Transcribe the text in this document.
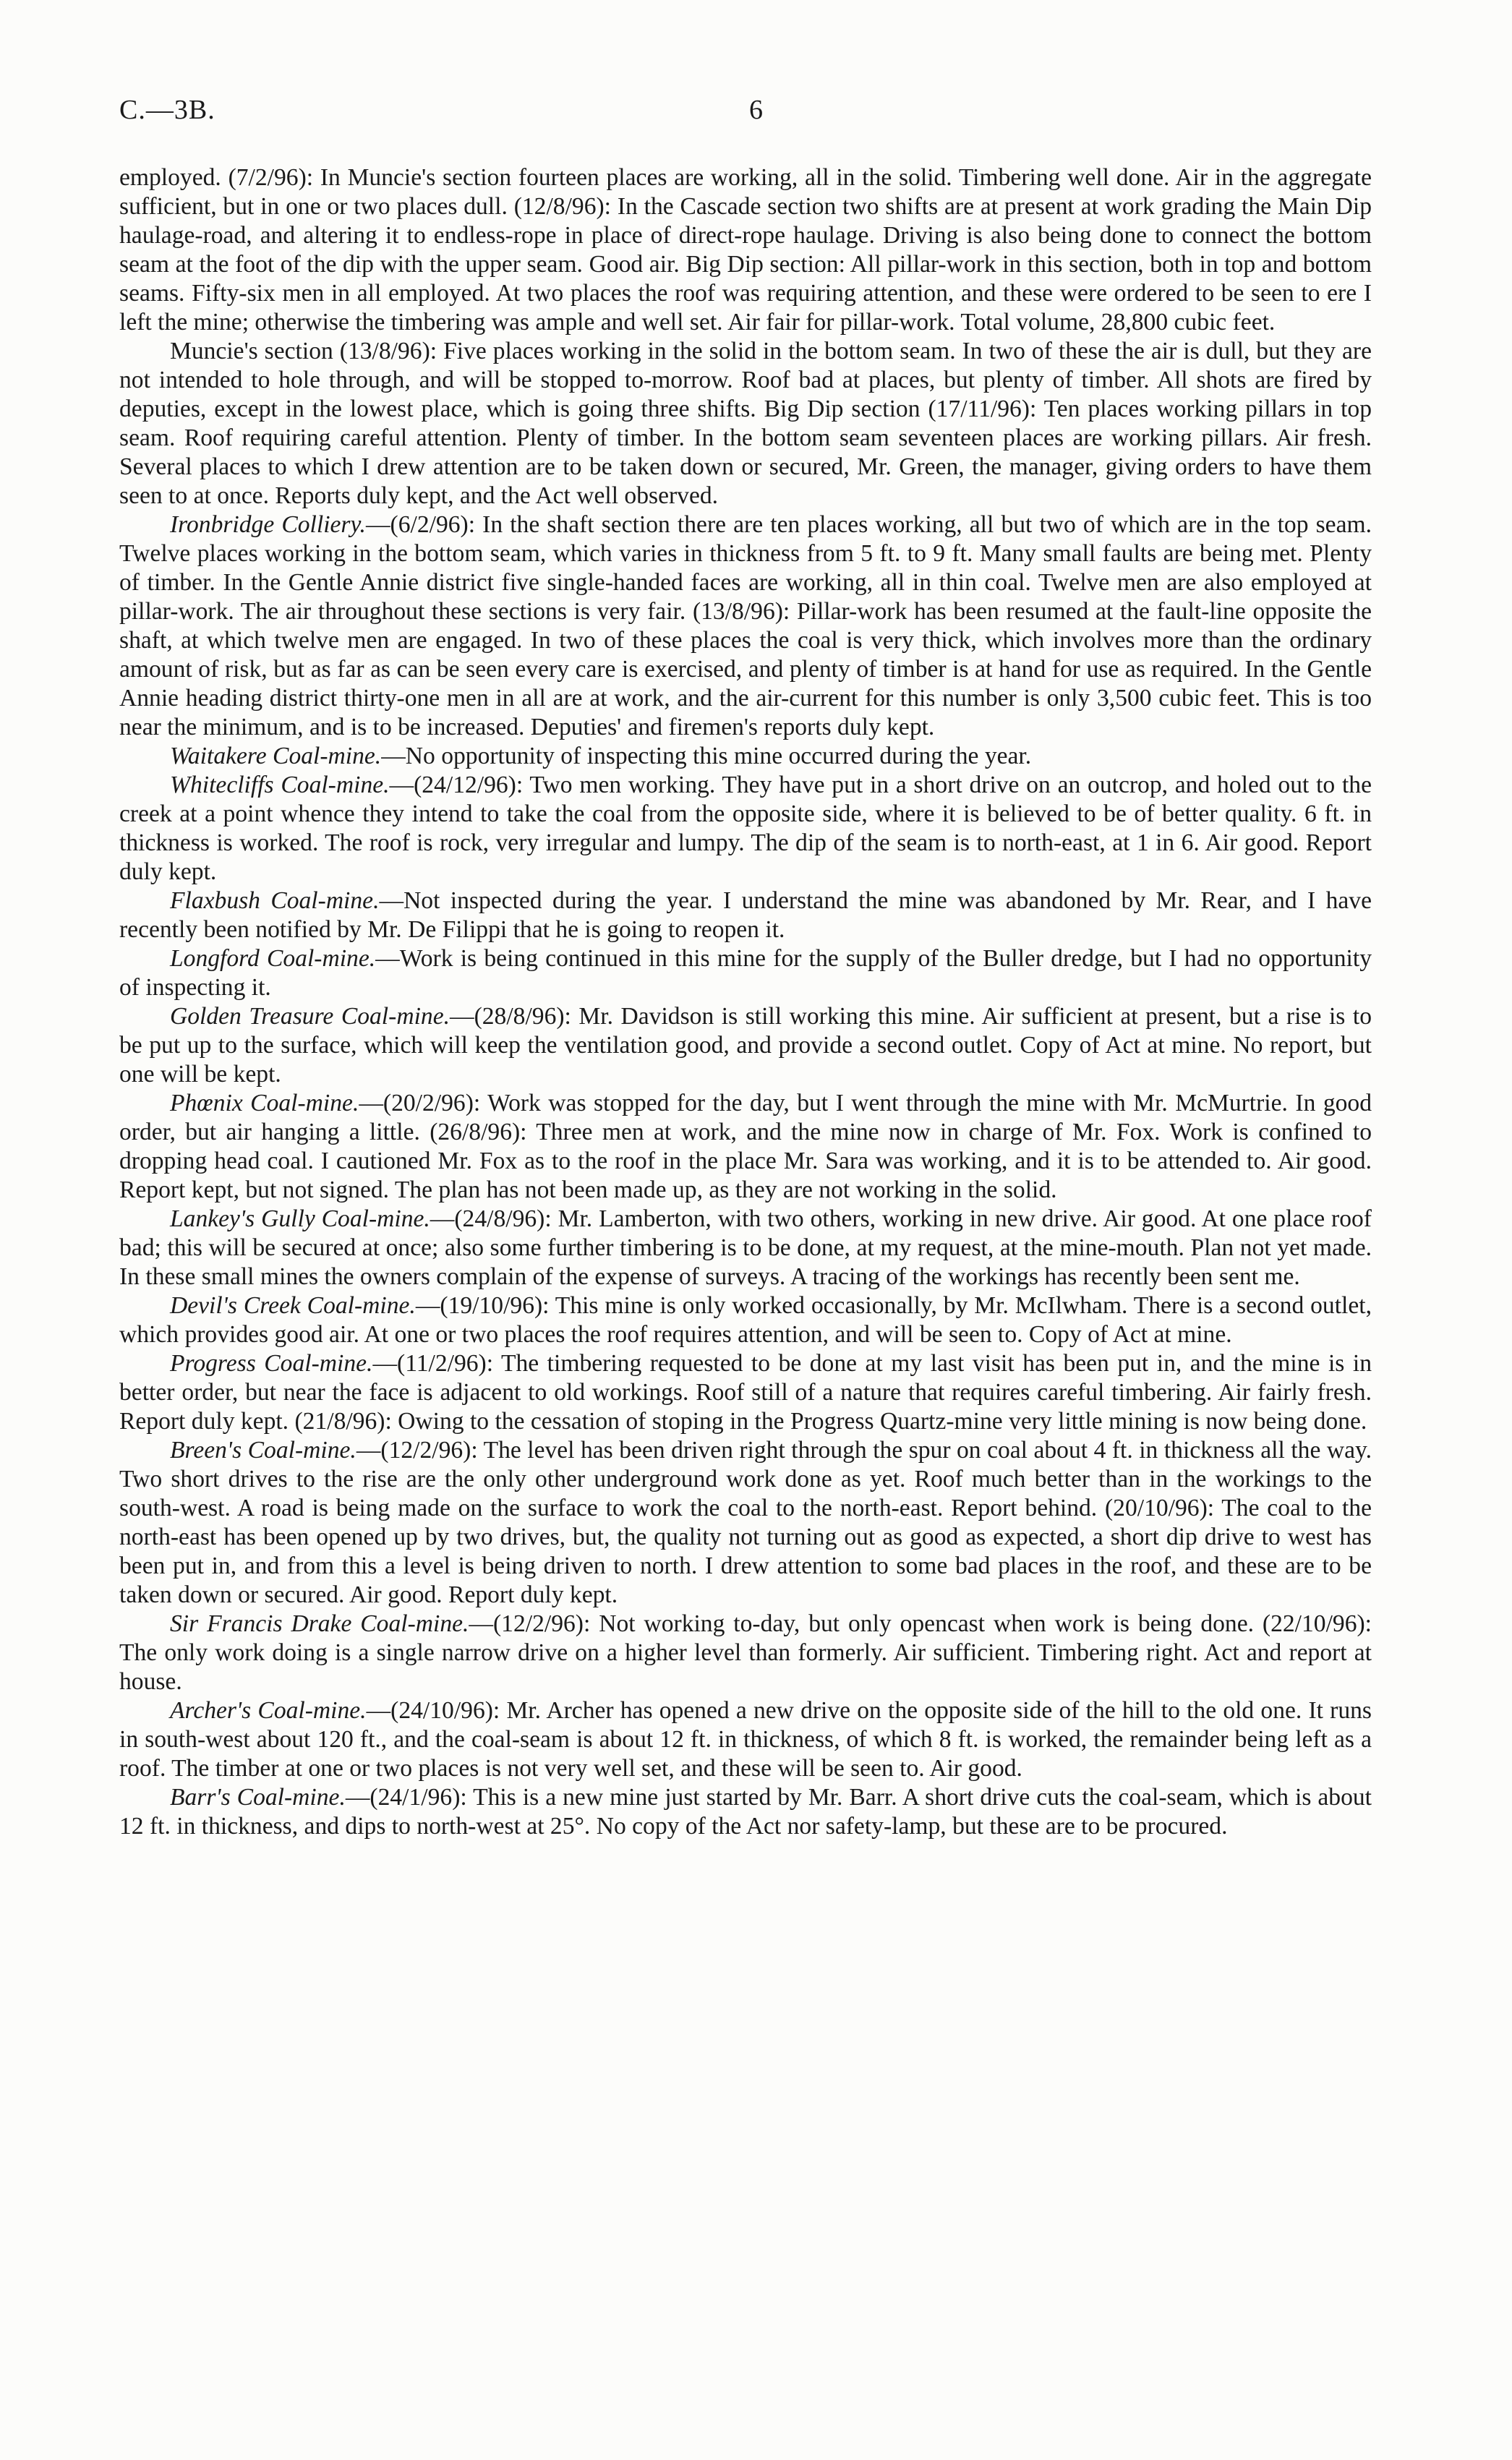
C.—3B.	6

employed. (7/2/96): In Muncie's section fourteen places are working, all in the solid. Timbering well done. Air in the aggregate sufficient, but in one or two places dull. (12/8/96): In the Cascade section two shifts are at present at work grading the Main Dip haulage-road, and altering it to endless-rope in place of direct-rope haulage. Driving is also being done to connect the bottom seam at the foot of the dip with the upper seam. Good air. Big Dip section: All pillar-work in this section, both in top and bottom seams. Fifty-six men in all employed. At two places the roof was requiring attention, and these were ordered to be seen to ere I left the mine; otherwise the timbering was ample and well set. Air fair for pillar-work. Total volume, 28,800 cubic feet.

Muncie's section (13/8/96): Five places working in the solid in the bottom seam. In two of these the air is dull, but they are not intended to hole through, and will be stopped to-morrow. Roof bad at places, but plenty of timber. All shots are fired by deputies, except in the lowest place, which is going three shifts. Big Dip section (17/11/96): Ten places working pillars in top seam. Roof requiring careful attention. Plenty of timber. In the bottom seam seventeen places are working pillars. Air fresh. Several places to which I drew attention are to be taken down or secured, Mr. Green, the manager, giving orders to have them seen to at once. Reports duly kept, and the Act well observed.

Ironbridge Colliery.—(6/2/96): In the shaft section there are ten places working, all but two of which are in the top seam. Twelve places working in the bottom seam, which varies in thickness from 5 ft. to 9 ft. Many small faults are being met. Plenty of timber. In the Gentle Annie district five single-handed faces are working, all in thin coal. Twelve men are also employed at pillar-work. The air throughout these sections is very fair. (13/8/96): Pillar-work has been resumed at the fault-line opposite the shaft, at which twelve men are engaged. In two of these places the coal is very thick, which involves more than the ordinary amount of risk, but as far as can be seen every care is exercised, and plenty of timber is at hand for use as required. In the Gentle Annie heading district thirty-one men in all are at work, and the air-current for this number is only 3,500 cubic feet. This is too near the minimum, and is to be increased. Deputies' and firemen's reports duly kept.

Waitakere Coal-mine.—No opportunity of inspecting this mine occurred during the year.

Whitecliffs Coal-mine.—(24/12/96): Two men working. They have put in a short drive on an outcrop, and holed out to the creek at a point whence they intend to take the coal from the opposite side, where it is believed to be of better quality. 6 ft. in thickness is worked. The roof is rock, very irregular and lumpy. The dip of the seam is to north-east, at 1 in 6. Air good. Report duly kept.

Flaxbush Coal-mine.—Not inspected during the year. I understand the mine was abandoned by Mr. Rear, and I have recently been notified by Mr. De Filippi that he is going to reopen it.

Longford Coal-mine.—Work is being continued in this mine for the supply of the Buller dredge, but I had no opportunity of inspecting it.

Golden Treasure Coal-mine.—(28/8/96): Mr. Davidson is still working this mine. Air sufficient at present, but a rise is to be put up to the surface, which will keep the ventilation good, and provide a second outlet. Copy of Act at mine. No report, but one will be kept.

Phœnix Coal-mine.—(20/2/96): Work was stopped for the day, but I went through the mine with Mr. McMurtrie. In good order, but air hanging a little. (26/8/96): Three men at work, and the mine now in charge of Mr. Fox. Work is confined to dropping head coal. I cautioned Mr. Fox as to the roof in the place Mr. Sara was working, and it is to be attended to. Air good. Report kept, but not signed. The plan has not been made up, as they are not working in the solid.

Lankey's Gully Coal-mine.—(24/8/96): Mr. Lamberton, with two others, working in new drive. Air good. At one place roof bad; this will be secured at once; also some further timbering is to be done, at my request, at the mine-mouth. Plan not yet made. In these small mines the owners complain of the expense of surveys. A tracing of the workings has recently been sent me.

Devil's Creek Coal-mine.—(19/10/96): This mine is only worked occasionally, by Mr. McIlwham. There is a second outlet, which provides good air. At one or two places the roof requires attention, and will be seen to. Copy of Act at mine.

Progress Coal-mine.—(11/2/96): The timbering requested to be done at my last visit has been put in, and the mine is in better order, but near the face is adjacent to old workings. Roof still of a nature that requires careful timbering. Air fairly fresh. Report duly kept. (21/8/96): Owing to the cessation of stoping in the Progress Quartz-mine very little mining is now being done.

Breen's Coal-mine.—(12/2/96): The level has been driven right through the spur on coal about 4 ft. in thickness all the way. Two short drives to the rise are the only other underground work done as yet. Roof much better than in the workings to the south-west. A road is being made on the surface to work the coal to the north-east. Report behind. (20/10/96): The coal to the north-east has been opened up by two drives, but, the quality not turning out as good as expected, a short dip drive to west has been put in, and from this a level is being driven to north. I drew attention to some bad places in the roof, and these are to be taken down or secured. Air good. Report duly kept.

Sir Francis Drake Coal-mine.—(12/2/96): Not working to-day, but only opencast when work is being done. (22/10/96): The only work doing is a single narrow drive on a higher level than formerly. Air sufficient. Timbering right. Act and report at house.

Archer's Coal-mine.—(24/10/96): Mr. Archer has opened a new drive on the opposite side of the hill to the old one. It runs in south-west about 120 ft., and the coal-seam is about 12 ft. in thickness, of which 8 ft. is worked, the remainder being left as a roof. The timber at one or two places is not very well set, and these will be seen to. Air good.

Barr's Coal-mine.—(24/1/96): This is a new mine just started by Mr. Barr. A short drive cuts the coal-seam, which is about 12 ft. in thickness, and dips to north-west at 25°. No copy of the Act nor safety-lamp, but these are to be procured.
